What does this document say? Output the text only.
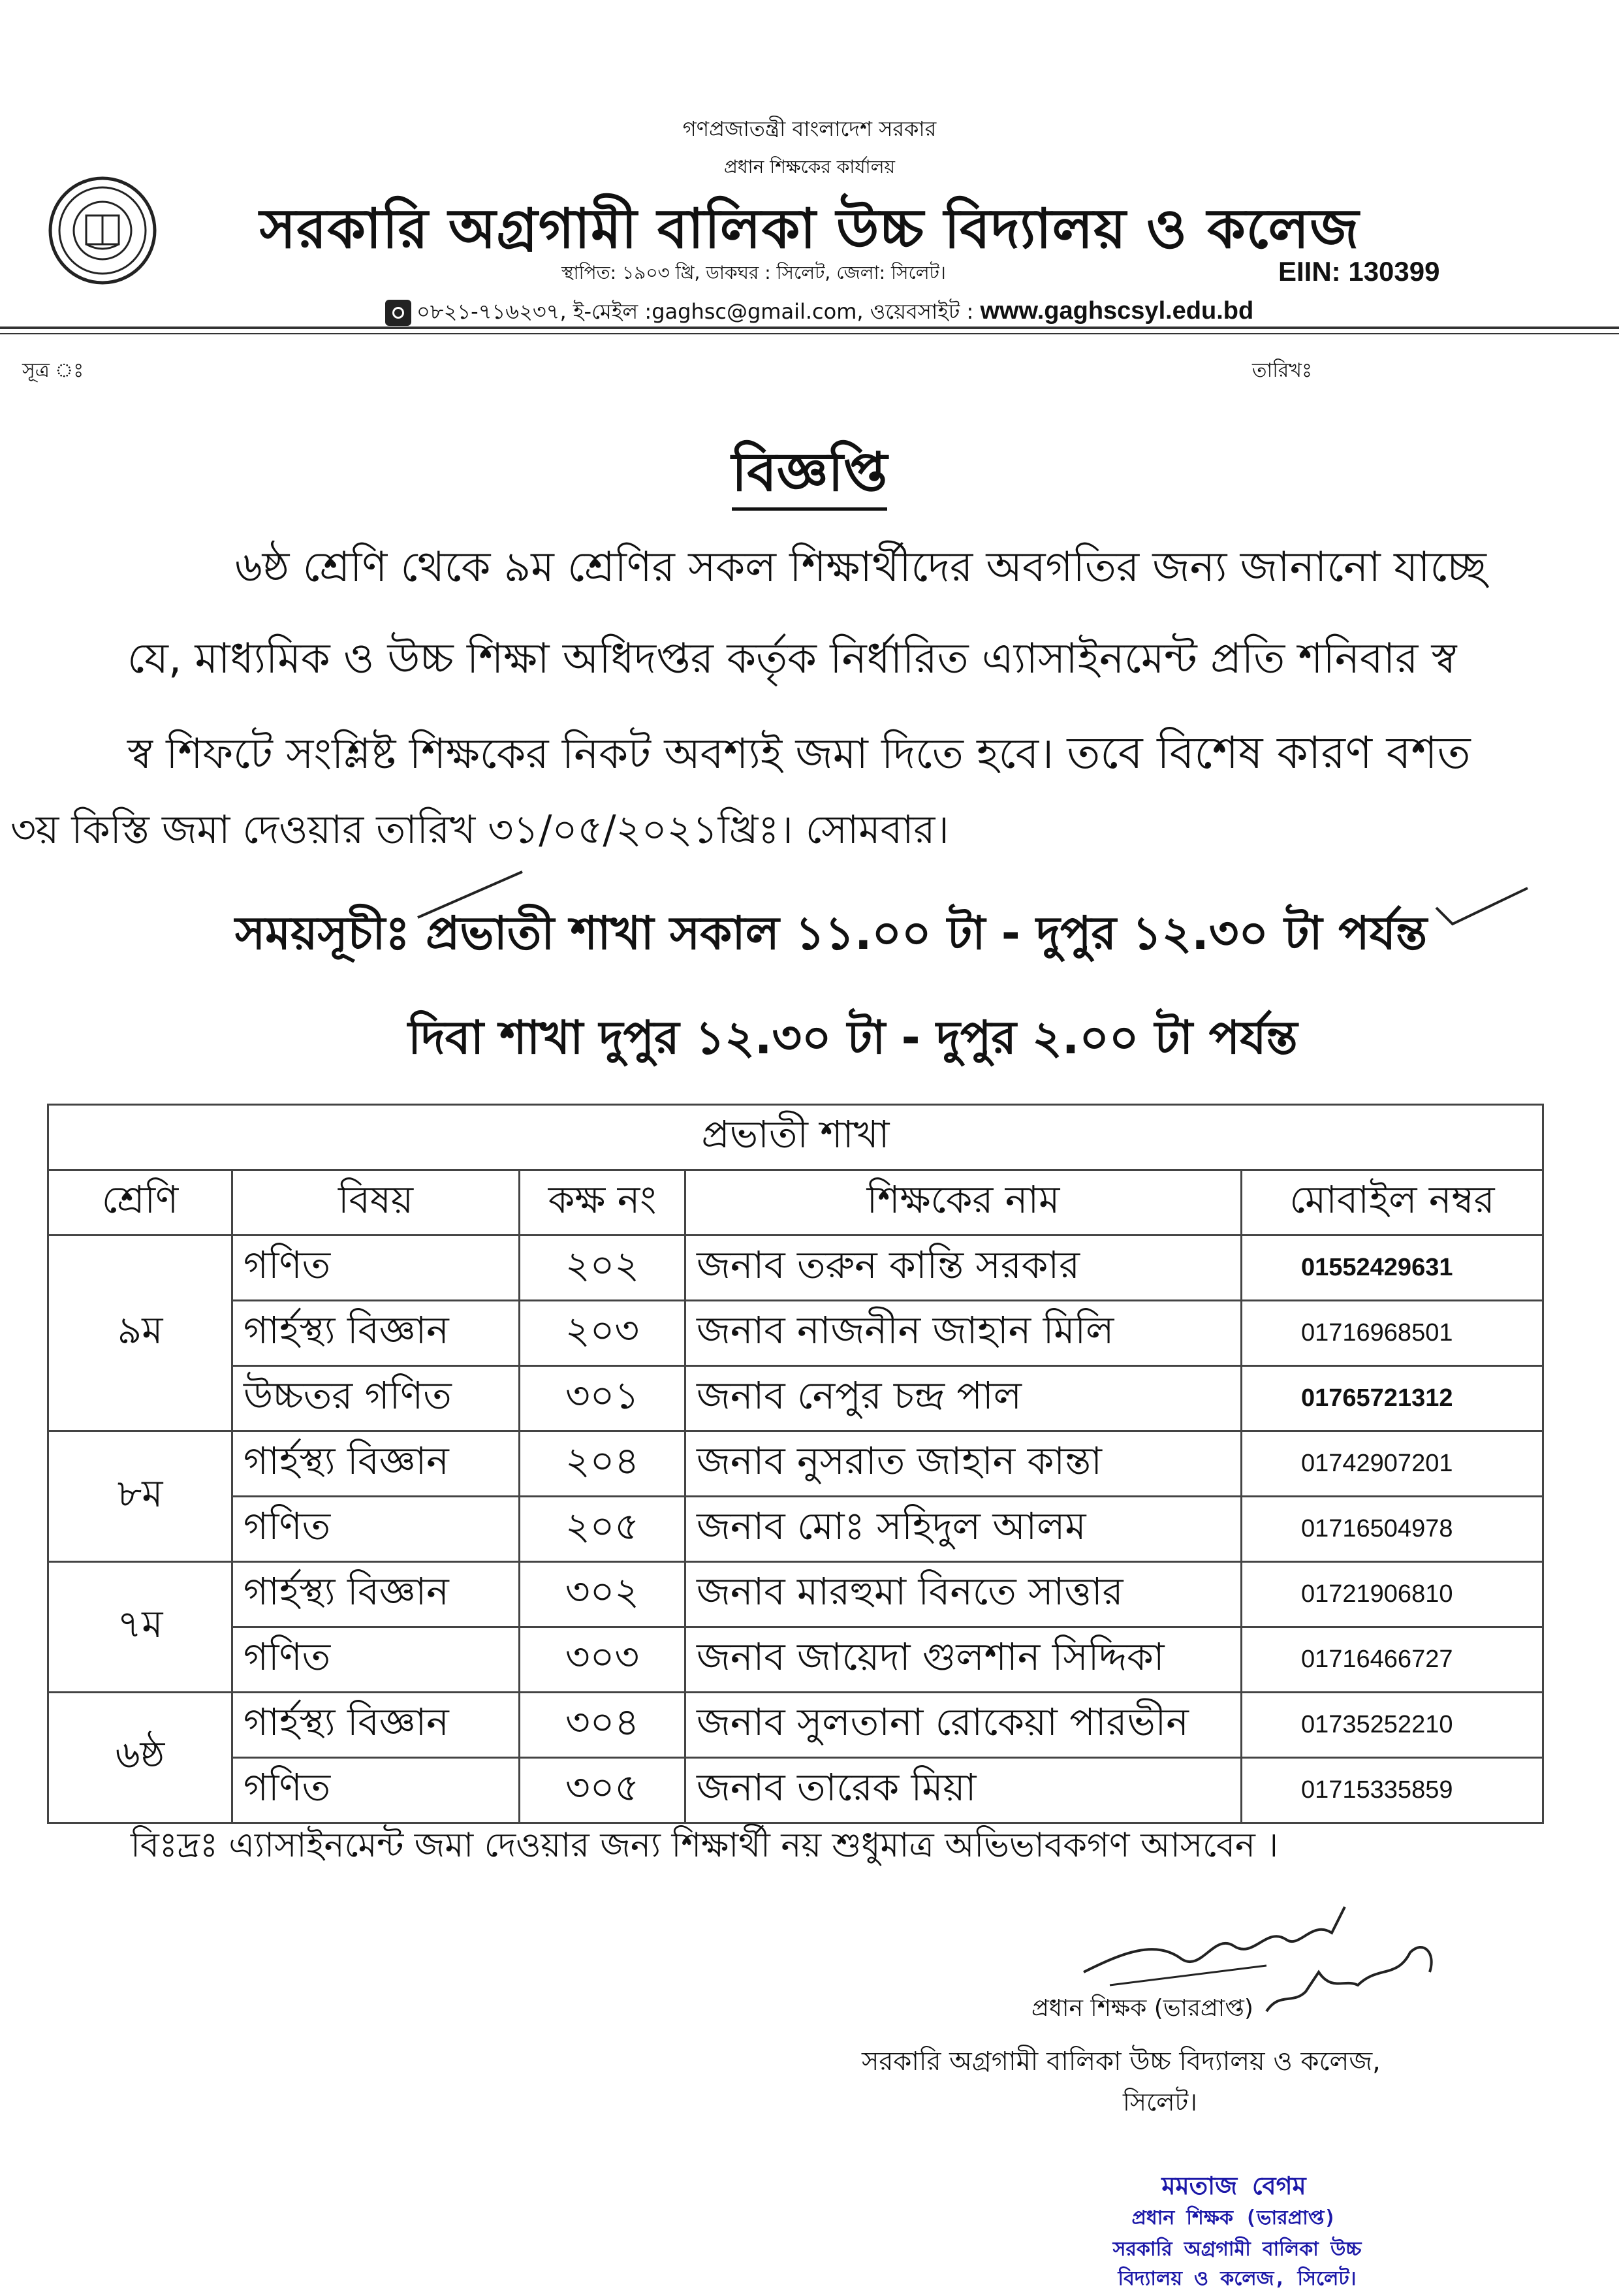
গণপ্রজাতন্ত্রী বাংলাদেশ সরকার
প্রধান শিক্ষকের কার্যালয়
সরকারি অগ্রগামী বালিকা উচ্চ বিদ্যালয় ও কলেজ
স্থাপিত: ১৯০৩ খ্রি, ডাকঘর : সিলেট, জেলা: সিলেট।	EIIN: 130399
০৮২১-৭১৬২৩৭, ই-মেইল :gaghsc@gmail.com, ওয়েবসাইট : www.gaghscsyl.edu.bd
সূত্র ঃ	তারিখঃ
বিজ্ঞপ্তি
৬ষ্ঠ শ্রেণি থেকে ৯ম শ্রেণির সকল শিক্ষার্থীদের অবগতির জন্য জানানো যাচ্ছে
যে, মাধ্যমিক ও উচ্চ শিক্ষা অধিদপ্তর কর্তৃক নির্ধারিত এ্যাসাইনমেন্ট প্রতি শনিবার স্ব
স্ব শিফটে সংশ্লিষ্ট শিক্ষকের নিকট অবশ্যই জমা দিতে হবে। তবে বিশেষ কারণ বশত
৩য় কিস্তি জমা দেওয়ার তারিখ ৩১/০৫/২০২১খ্রিঃ। সোমবার।
সময়সূচীঃ প্রভাতী শাখা সকাল ১১.০০ টা - দুপুর ১২.৩০ টা পর্যন্ত
দিবা শাখা দুপুর ১২.৩০ টা - দুপুর ২.০০ টা পর্যন্ত
প্রভাতী শাখা				
শ্রেণি	বিষয়	কক্ষ নং	শিক্ষকের নাম	মোবাইল নম্বর
৯ম	গণিত	২০২	জনাব তরুন কান্তি সরকার	01552429631
	গার্হস্থ্য বিজ্ঞান	২০৩	জনাব নাজনীন জাহান মিলি	01716968501
	উচ্চতর গণিত	৩০১	জনাব নেপুর চন্দ্র পাল	01765721312
৮ম	গার্হস্থ্য বিজ্ঞান	২০৪	জনাব নুসরাত জাহান কান্তা	01742907201
	গণিত	২০৫	জনাব মোঃ সহিদুল আলম	01716504978
৭ম	গার্হস্থ্য বিজ্ঞান	৩০২	জনাব মারহুমা বিনতে সাত্তার	01721906810
	গণিত	৩০৩	জনাব জায়েদা গুলশান সিদ্দিকা	01716466727
৬ষ্ঠ	গার্হস্থ্য বিজ্ঞান	৩০৪	জনাব সুলতানা রোকেয়া পারভীন	01735252210
	গণিত	৩০৫	জনাব তারেক মিয়া	01715335859
বিঃদ্রঃ এ্যাসাইনমেন্ট জমা দেওয়ার জন্য শিক্ষার্থী নয় শুধুমাত্র অভিভাবকগণ আসবেন ।
প্রধান শিক্ষক (ভারপ্রাপ্ত)
সরকারি অগ্রগামী বালিকা উচ্চ বিদ্যালয় ও কলেজ,
সিলেট।
মমতাজ বেগম
প্রধান শিক্ষক (ভারপ্রাপ্ত)
সরকারি অগ্রগামী বালিকা উচ্চ
বিদ্যালয় ও কলেজ, সিলেট।
